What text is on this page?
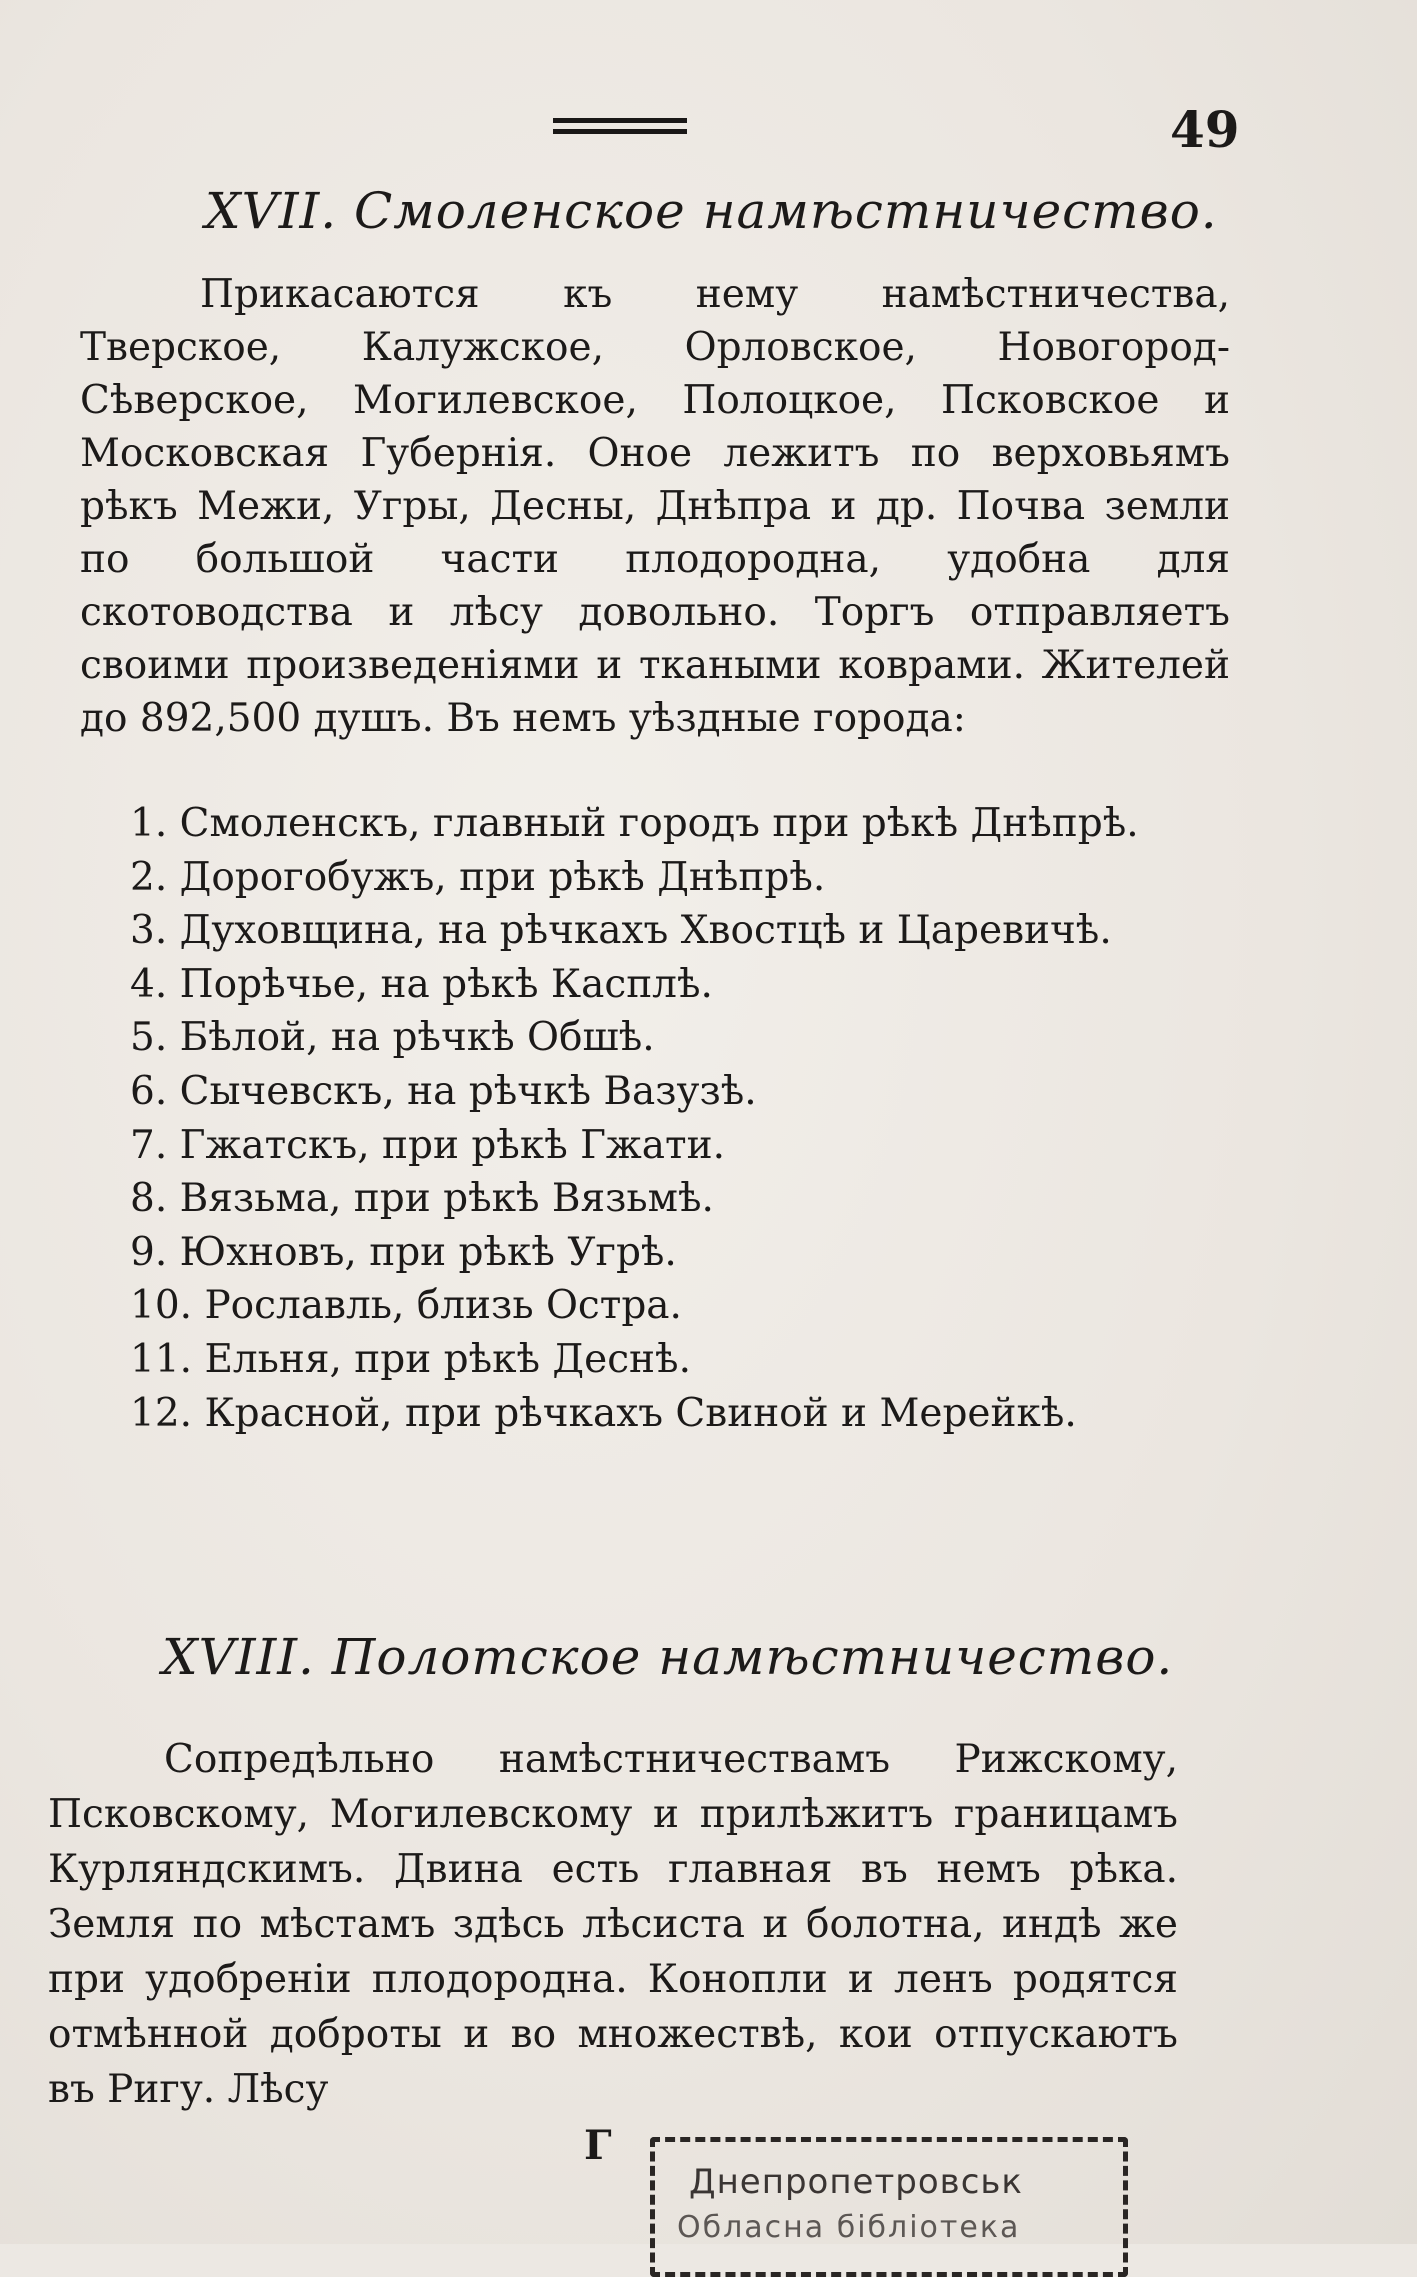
49
XVII. Смоленское намѣстничество.
Прикасаются къ нему намѣстничества, Тверское, Калужское, Орловское, Новогород-Сѣверское, Могилевское, Полоцкое, Псковское и Московская Губернія. Оное лежитъ по верховьямъ рѣкъ Межи, Угры, Десны, Днѣпра и др. Почва земли по большой части плодородна, удобна для скотоводства и лѣсу довольно. Торгъ отправляетъ своими произведеніями и ткаными коврами. Жителей до 892,500 душъ. Въ немъ уѣздные города:
1. Смоленскъ, главный городъ при рѣкѣ Днѣпрѣ.
2. Дорогобужъ, при рѣкѣ Днѣпрѣ.
3. Духовщина, на рѣчкахъ Хвостцѣ и Царевичѣ.
4. Порѣчье, на рѣкѣ Касплѣ.
5. Бѣлой, на рѣчкѣ Обшѣ.
6. Сычевскъ, на рѣчкѣ Вазузѣ.
7. Гжатскъ, при рѣкѣ Гжати.
8. Вязьма, при рѣкѣ Вязьмѣ.
9. Юхновъ, при рѣкѣ Угрѣ.
10. Рославль, близь Остра.
11. Ельня, при рѣкѣ Деснѣ.
12. Красной, при рѣчкахъ Свиной и Мерейкѣ.
XVIII. Полотское намѣстничество.
Сопредѣльно намѣстничествамъ Рижскому, Псковскому, Могилевскому и прилѣжитъ границамъ Курляндскимъ. Двина есть главная въ немъ рѣка. Земля по мѣстамъ здѣсь лѣсиста и болотна, индѣ же при удобреніи плодородна. Конопли и ленъ родятся отмѣнной доброты и во множествѣ, кои отпускаютъ въ Ригу. Лѣсу
Г
Днепропетровськ
Обласна бібліотека
